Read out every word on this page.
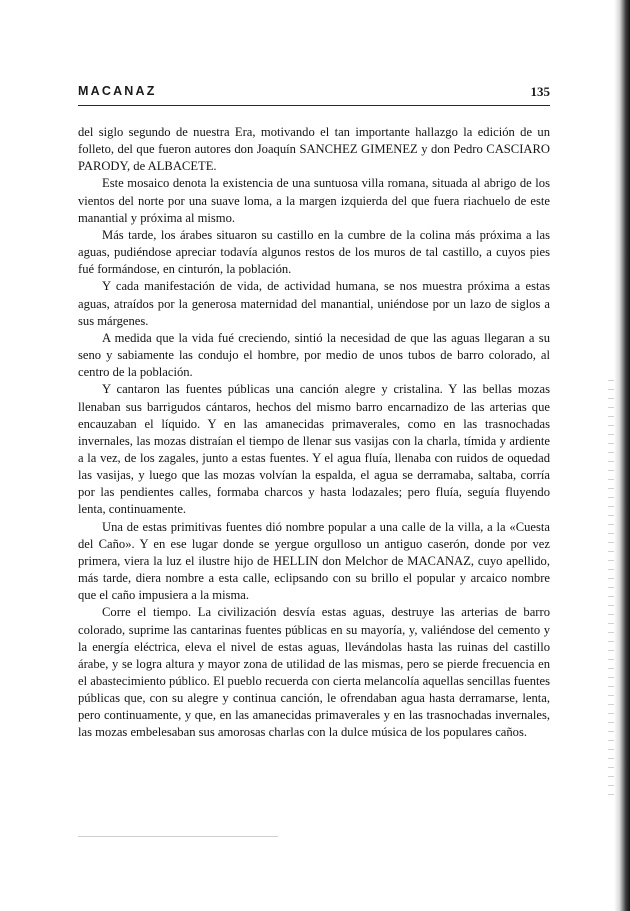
MACANAZ	135

del siglo segundo de nuestra Era, motivando el tan importante hallazgo la edición de un folleto, del que fueron autores don Joaquín SANCHEZ GIMENEZ y don Pedro CASCIARO PARODY, de ALBACETE.

Este mosaico denota la existencia de una suntuosa villa romana, situada al abrigo de los vientos del norte por una suave loma, a la margen izquierda del que fuera riachuelo de este manantial y próxima al mismo.

Más tarde, los árabes situaron su castillo en la cumbre de la colina más próxima a las aguas, pudiéndose apreciar todavía algunos restos de los muros de tal castillo, a cuyos pies fué formándose, en cinturón, la población.

Y cada manifestación de vida, de actividad humana, se nos muestra próxima a estas aguas, atraídos por la generosa maternidad del manantial, uniéndose por un lazo de siglos a sus márgenes.

A medida que la vida fué creciendo, sintió la necesidad de que las aguas llegaran a su seno y sabiamente las condujo el hombre, por medio de unos tubos de barro colorado, al centro de la población.

Y cantaron las fuentes públicas una canción alegre y cristalina. Y las bellas mozas llenaban sus barrigudos cántaros, hechos del mismo barro encarnadizo de las arterias que encauzaban el líquido. Y en las amanecidas primaverales, como en las trasnochadas invernales, las mozas distraían el tiempo de llenar sus vasijas con la charla, tímida y ardiente a la vez, de los zagales, junto a estas fuentes. Y el agua fluía, llenaba con ruidos de oquedad las vasijas, y luego que las mozas volvían la espalda, el agua se derramaba, saltaba, corría por las pendientes calles, formaba charcos y hastа lodazales; pero fluía, seguía fluyendo lenta, continuamente.

Una de estas primitivas fuentes dió nombre popular a una calle de la villa, a la «Cuesta del Caño». Y en ese lugar donde se yergue orgulloso un antiguo caserón, donde por vez primera, viera la luz el ilustre hijo de HELLIN don Melchor de MACANAZ, cuyo apellido, más tarde, diera nombre a esta calle, eclipsando con su brillo el popular y arcaico nombre que el caño impusiera a la misma.

Corre el tiempo. La civilización desvía estas aguas, destruye las arterias de barro colorado, suprime las cantarinas fuentes públicas en su mayoría, y, valiéndose del cemento y la energía eléctrica, eleva el nivel de estas aguas, llevándolas hasta las ruinas del castillo árabe, y se logra altura y mayor zona de utilidad de las mismas, pero se pierde frecuencia en el abastecimiento público. El pueblo recuerda con cierta melancolía aquellas sencillas fuentes públicas que, con su alegre y continua canción, le ofrendaban agua hasta derramarse, lenta, pero continuamente, y que, en las amanecidas primaverales y en las trasnochadas invernales, las mozas embelesaban sus amorosas charlas con la dulce música de los populares caños.
